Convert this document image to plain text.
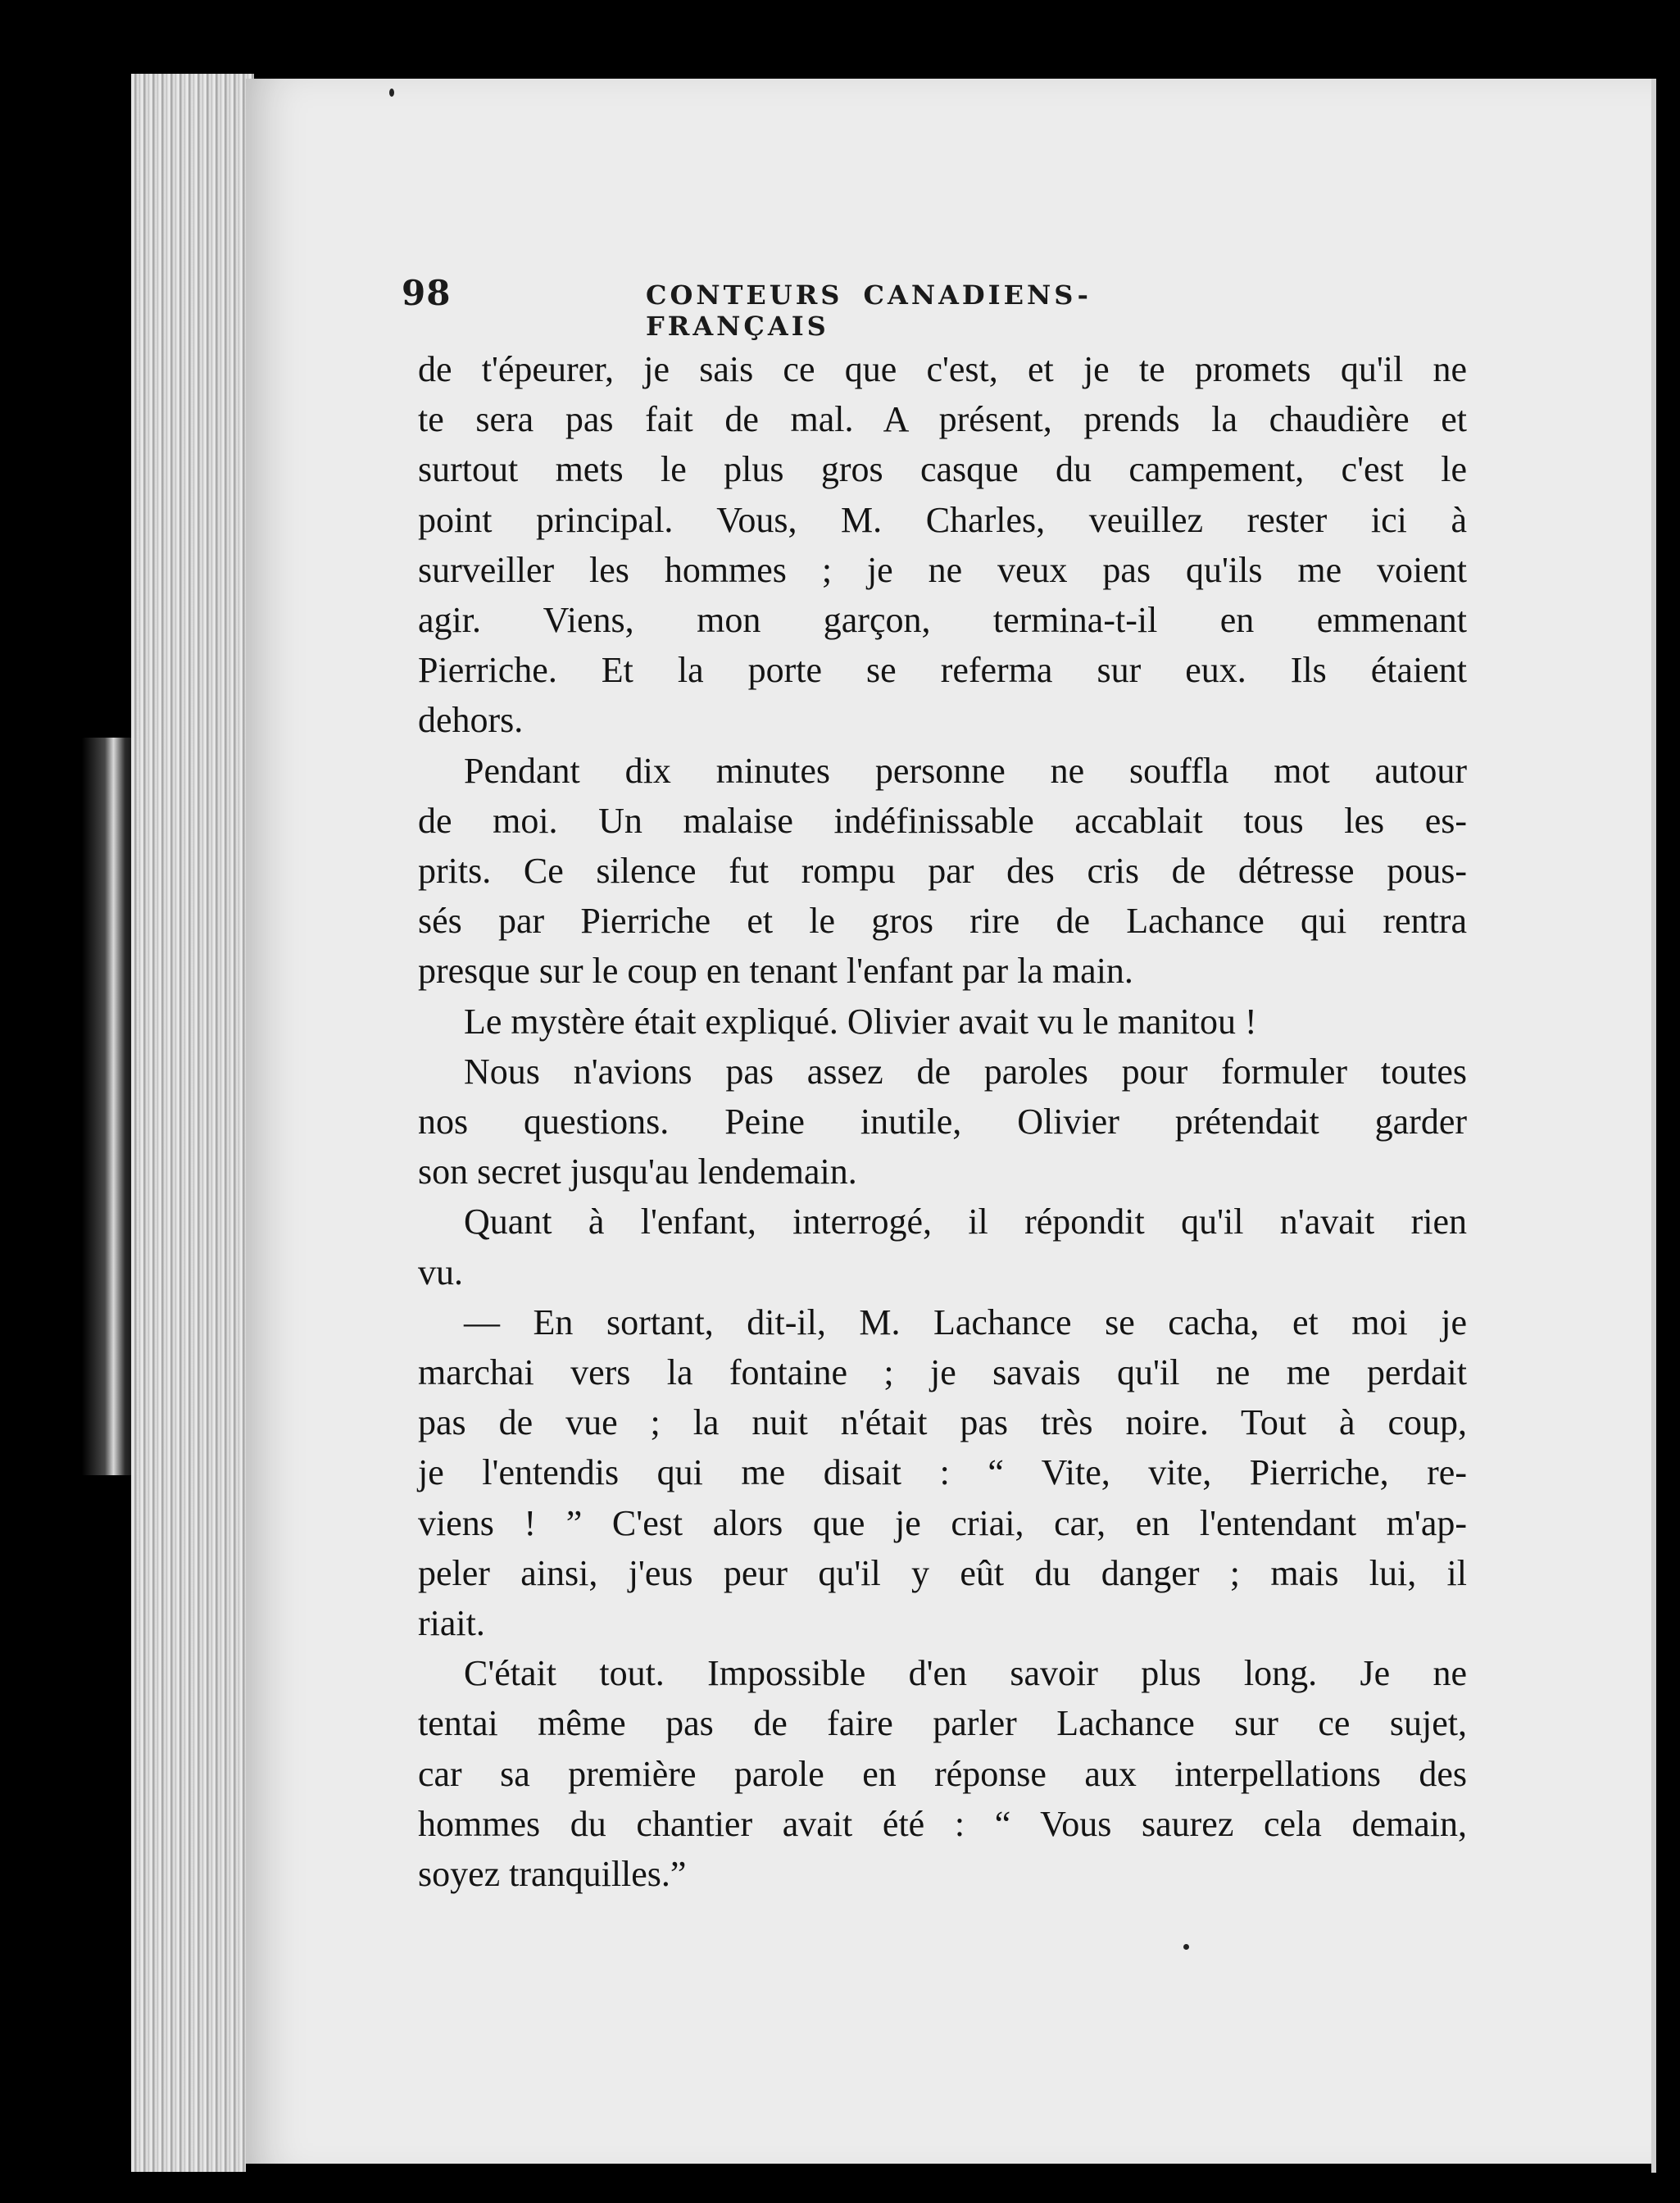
98	CONTEURS CANADIENS-FRANÇAIS

de t'épeurer, je sais ce que c'est, et je te promets qu'il ne

te sera pas fait de mal. A présent, prends la chaudière et

surtout mets le plus gros casque du campement, c'est le

point principal. Vous, M. Charles, veuillez rester ici à

surveiller les hommes ; je ne veux pas qu'ils me voient

agir. Viens, mon garçon, termina-t-il en emmenant

Pierriche. Et la porte se referma sur eux. Ils étaient

dehors.

Pendant dix minutes personne ne souffla mot autour

de moi. Un malaise indéfinissable accablait tous les es-

prits. Ce silence fut rompu par des cris de détresse pous-

sés par Pierriche et le gros rire de Lachance qui rentra

presque sur le coup en tenant l'enfant par la main.

Le mystère était expliqué. Olivier avait vu le manitou !

Nous n'avions pas assez de paroles pour formuler toutes

nos questions. Peine inutile, Olivier prétendait garder

son secret jusqu'au lendemain.

Quant à l'enfant, interrogé, il répondit qu'il n'avait rien

vu.

— En sortant, dit-il, M. Lachance se cacha, et moi je

marchai vers la fontaine ; je savais qu'il ne me perdait

pas de vue ; la nuit n'était pas très noire. Tout à coup,

je l'entendis qui me disait : “ Vite, vite, Pierriche, re-

viens ! ” C'est alors que je criai, car, en l'entendant m'ap-

peler ainsi, j'eus peur qu'il y eût du danger ; mais lui, il

riait.

C'était tout. Impossible d'en savoir plus long. Je ne

tentai même pas de faire parler Lachance sur ce sujet,

car sa première parole en réponse aux interpellations des

hommes du chantier avait été : “ Vous saurez cela demain,

soyez tranquilles.”
